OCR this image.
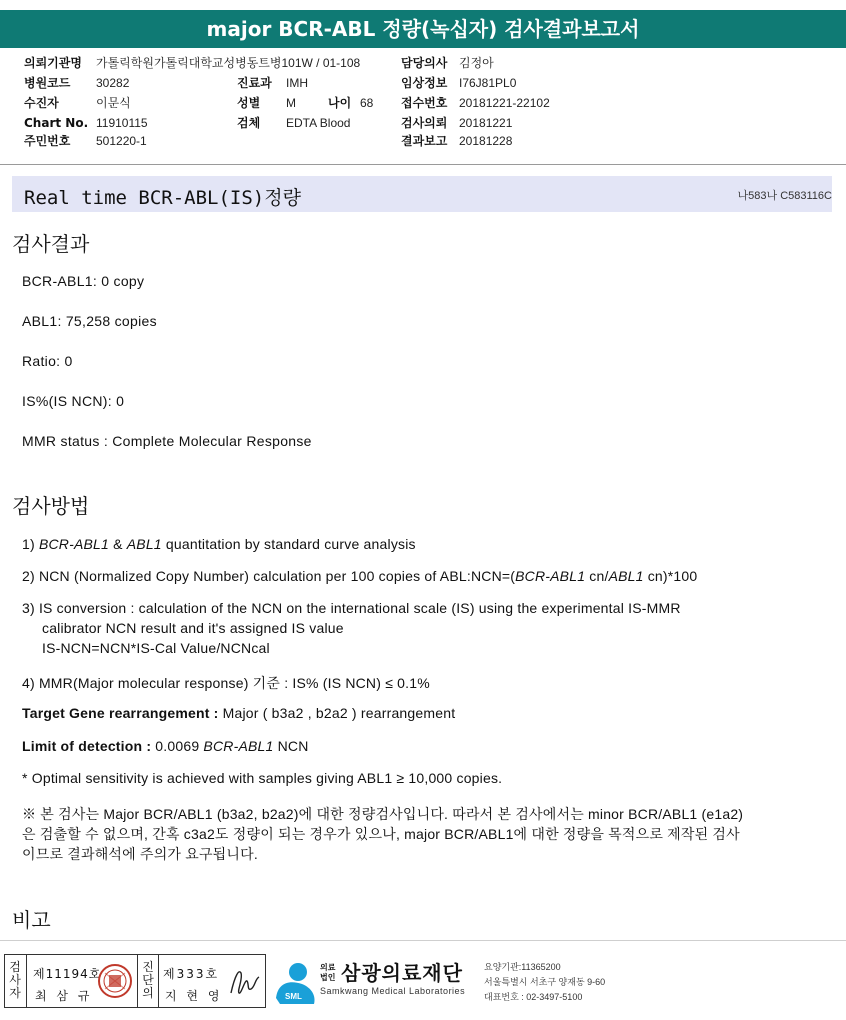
major BCR-ABL 정량(녹십자) 검사결과보고서
의뢰기관명 가톨릭학원가톨릭대학교성병동트병101W / 01-108	담당의사 김정아
병원코드 30282	진료과 IMH	임상정보 I76J81PL0
수진자	이문식	성별 M	나이 68 접수번호 20181221-22102
Chart No. 11910115	검체 EDTA Blood	검사의뢰 20181221
주민번호 501220-1	결과보고 20181228
Real time BCR-ABL(IS)정량	나583나 C583116C
검사결과
BCR-ABL1: 0 copy
ABL1: 75,258 copies
Ratio: 0
IS%(IS NCN): 0
MMR status : Complete Molecular Response
검사방법
1) BCR-ABL1 & ABL1 quantitation by standard curve analysis
2) NCN (Normalized Copy Number) calculation per 100 copies of ABL:NCN=(BCR-ABL1 cn/ABL1 cn)*100
3) IS conversion : calculation of the NCN on the international scale (IS) using the experimental IS-MMR
calibrator NCN result and it's assigned IS value
IS-NCN=NCN*IS-Cal Value/NCNcal
4) MMR(Major molecular response) 기준 : IS% (IS NCN) ≤ 0.1%
Target Gene rearrangement : Major ( b3a2 , b2a2 ) rearrangement
Limit of detection : 0.0069 BCR-ABL1 NCN
* Optimal sensitivity is achieved with samples giving ABL1 ≥ 10,000 copies.
※ 본 검사는 Major BCR/ABL1 (b3a2, b2a2)에 대한 정량검사입니다. 따라서 본 검사에서는 minor BCR/ABL1 (e1a2)
은 검출할 수 없으며, 간혹 c3a2도 정량이 되는 경우가 있으나, major BCR/ABL1에 대한 정량을 목적으로 제작된 검사
이므로 결과해석에 주의가 요구됩니다.
비고
검사자
제11194호
최 삼 규
진단의
제333호
지 현 영	SML
의료
법인 삼광의료재단
Samkwang Medical Laboratories
요양기관:11365200
서울특별시 서초구 양재동 9-60
대표번호 : 02-3497-5100
